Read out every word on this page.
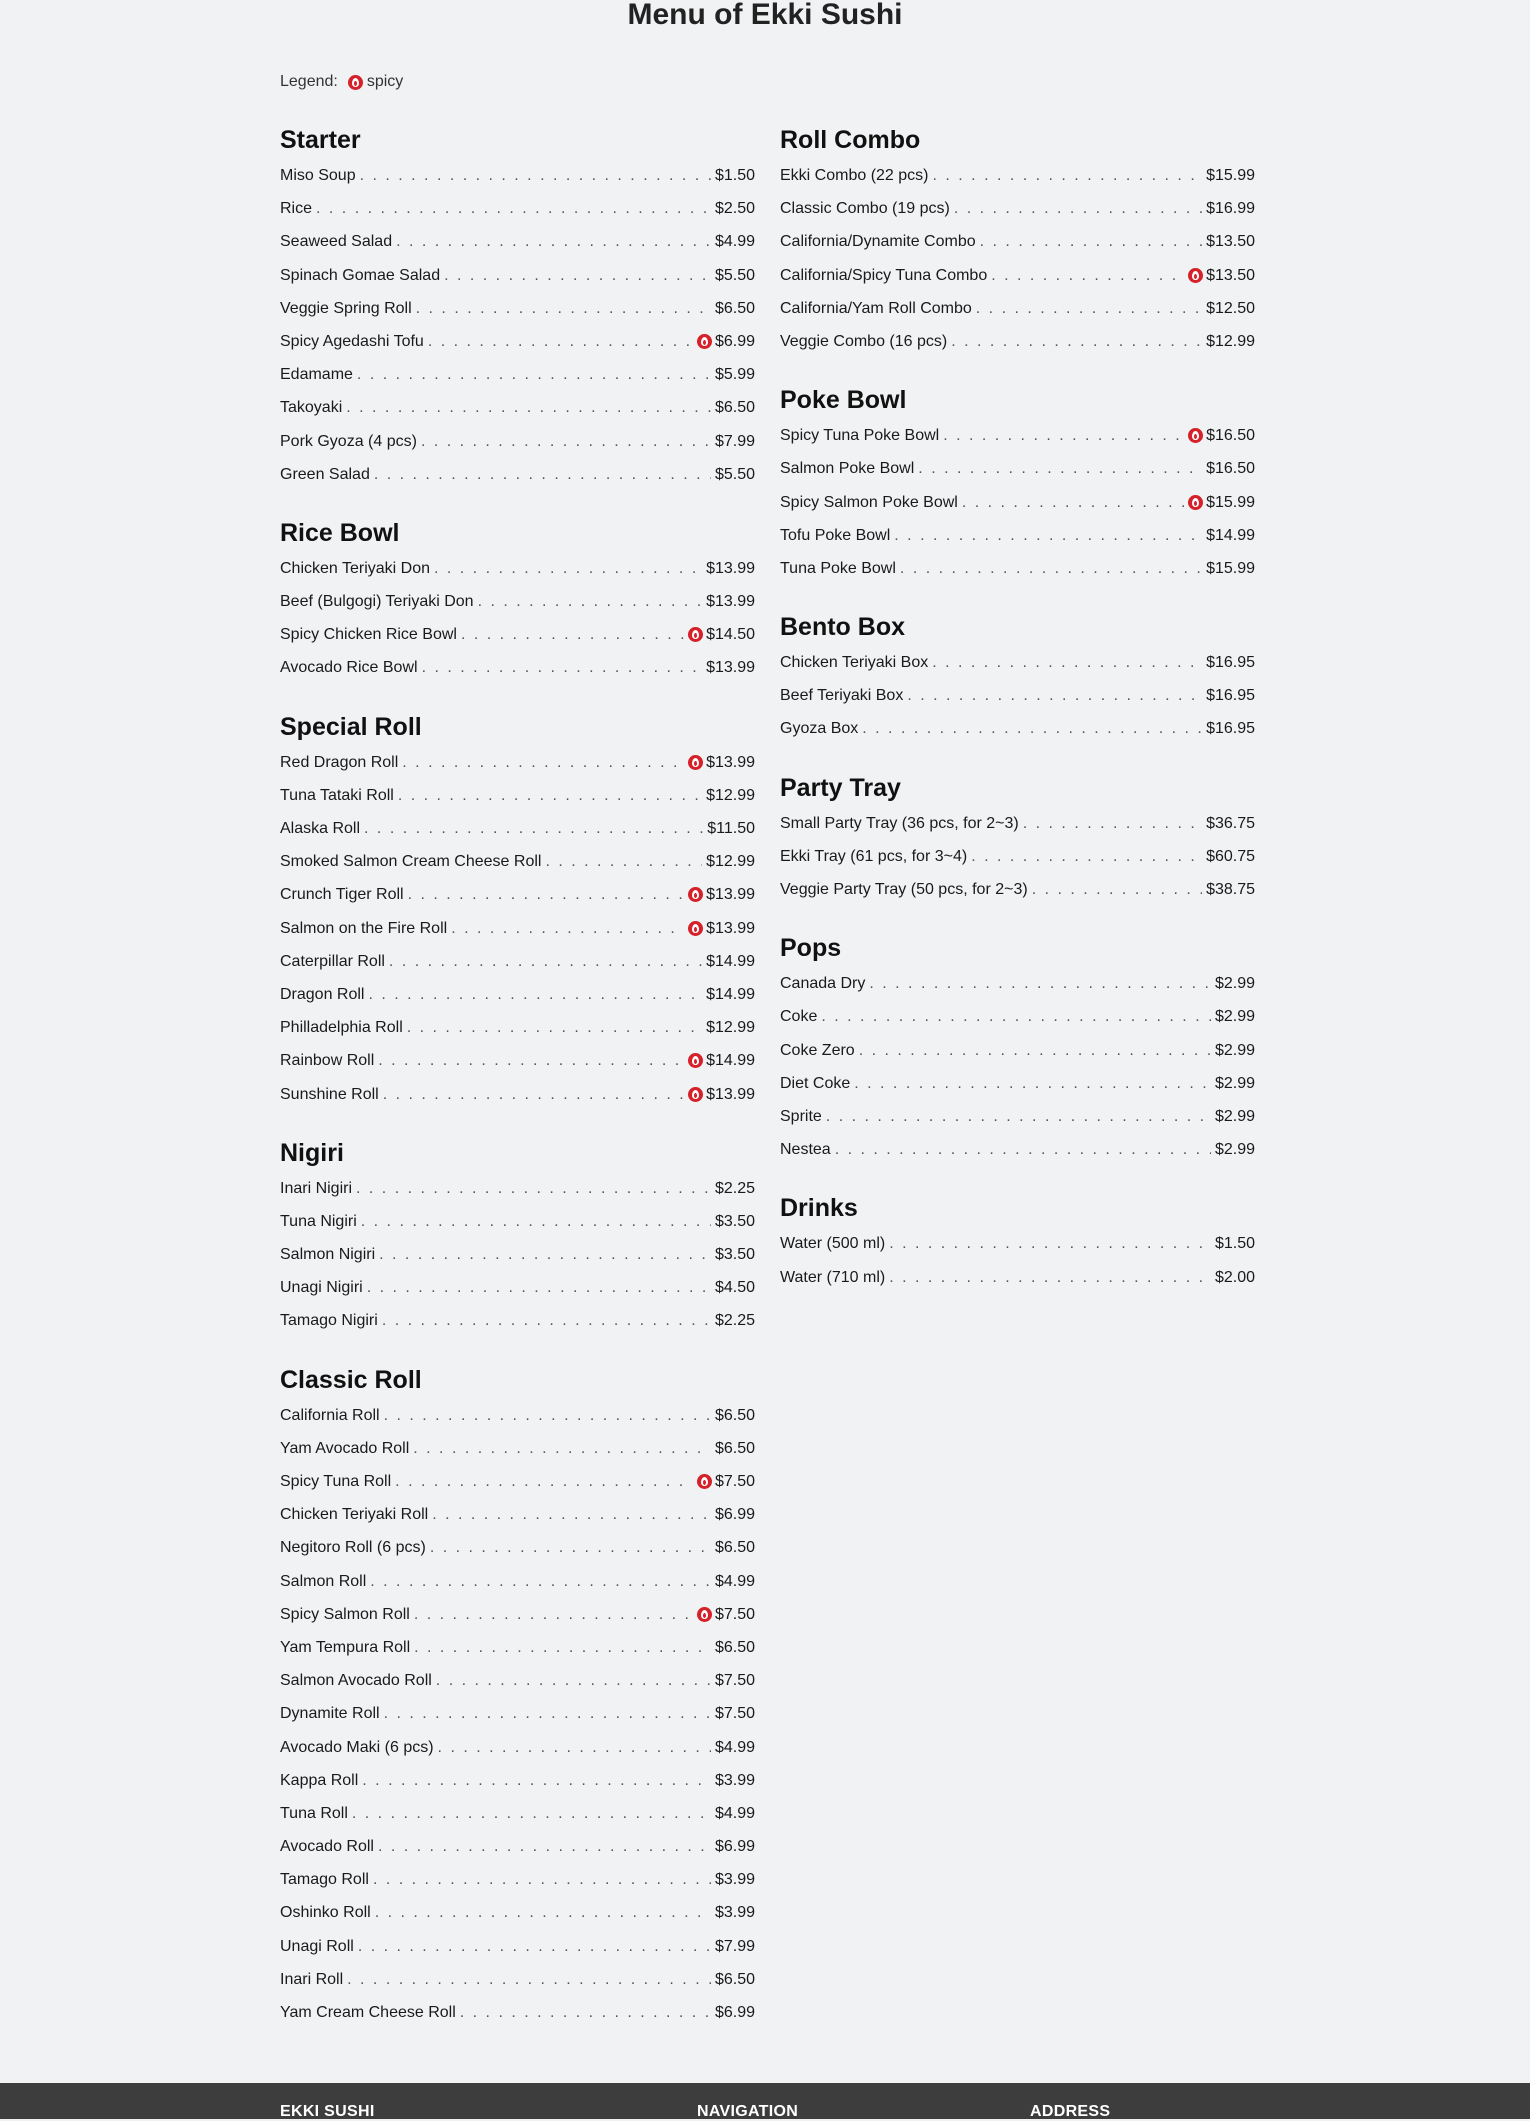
Menu of Ekki Sushi
Legend: spicy
Starter
Miso Soup . . .	$1.50
Rice . . .	$2.50
Seaweed Salad . . .	$4.99
Spinach Gomae Salad . . .	$5.50
Veggie Spring Roll . . .	$6.50
Spicy Agedashi Tofu . . .	$6.99
Edamame . . .	$5.99
Takoyaki . . .	$6.50
Pork Gyoza (4 pcs) . . .	$7.99
Green Salad . . .	$5.50
Rice Bowl
Chicken Teriyaki Don . . .	$13.99
Beef (Bulgogi) Teriyaki Don . . .	$13.99
Spicy Chicken Rice Bowl . . .	$14.50
Avocado Rice Bowl . . .	$13.99
Special Roll
Red Dragon Roll . . .	$13.99
Tuna Tataki Roll . . .	$12.99
Alaska Roll . . .	$11.50
Smoked Salmon Cream Cheese Roll . . .	$12.99
Crunch Tiger Roll . . .	$13.99
Salmon on the Fire Roll . . .	$13.99
Caterpillar Roll . . .	$14.99
Dragon Roll . . .	$14.99
Philladelphia Roll . . .	$12.99
Rainbow Roll . . .	$14.99
Sunshine Roll . . .	$13.99
Nigiri
Inari Nigiri . . .	$2.25
Tuna Nigiri . . .	$3.50
Salmon Nigiri . . .	$3.50
Unagi Nigiri . . .	$4.50
Tamago Nigiri . . .	$2.25
Classic Roll
California Roll . . .	$6.50
Yam Avocado Roll . . .	$6.50
Spicy Tuna Roll . . .	$7.50
Chicken Teriyaki Roll . . .	$6.99
Negitoro Roll (6 pcs) . . .	$6.50
Salmon Roll . . .	$4.99
Spicy Salmon Roll . . .	$7.50
Yam Tempura Roll . . .	$6.50
Salmon Avocado Roll . . .	$7.50
Dynamite Roll . . .	$7.50
Avocado Maki (6 pcs) . . .	$4.99
Kappa Roll . . .	$3.99
Tuna Roll . . .	$4.99
Avocado Roll . . .	$6.99
Tamago Roll . . .	$3.99
Oshinko Roll . . .	$3.99
Unagi Roll . . .	$7.99
Inari Roll . . .	$6.50
Yam Cream Cheese Roll . . .	$6.99
Roll Combo
Ekki Combo (22 pcs) . . .	$15.99
Classic Combo (19 pcs) . . .	$16.99
California/Dynamite Combo . . .	$13.50
California/Spicy Tuna Combo . . .	$13.50
California/Yam Roll Combo . . .	$12.50
Veggie Combo (16 pcs) . . .	$12.99
Poke Bowl
Spicy Tuna Poke Bowl . . .	$16.50
Salmon Poke Bowl . . .	$16.50
Spicy Salmon Poke Bowl . . .	$15.99
Tofu Poke Bowl . . .	$14.99
Tuna Poke Bowl . . .	$15.99
Bento Box
Chicken Teriyaki Box . . .	$16.95
Beef Teriyaki Box . . .	$16.95
Gyoza Box . . .	$16.95
Party Tray
Small Party Tray (36 pcs, for 2~3) . . .	$36.75
Ekki Tray (61 pcs, for 3~4) . . .	$60.75
Veggie Party Tray (50 pcs, for 2~3) . . .	$38.75
Pops
Canada Dry . . .	$2.99
Coke . . .	$2.99
Coke Zero . . .	$2.99
Diet Coke . . .	$2.99
Sprite . . .	$2.99
Nestea . . .	$2.99
Drinks
Water (500 ml) . . .	$1.50
Water (710 ml) . . .	$2.00
EKKI SUSHI	NAVIGATION	ADDRESS
